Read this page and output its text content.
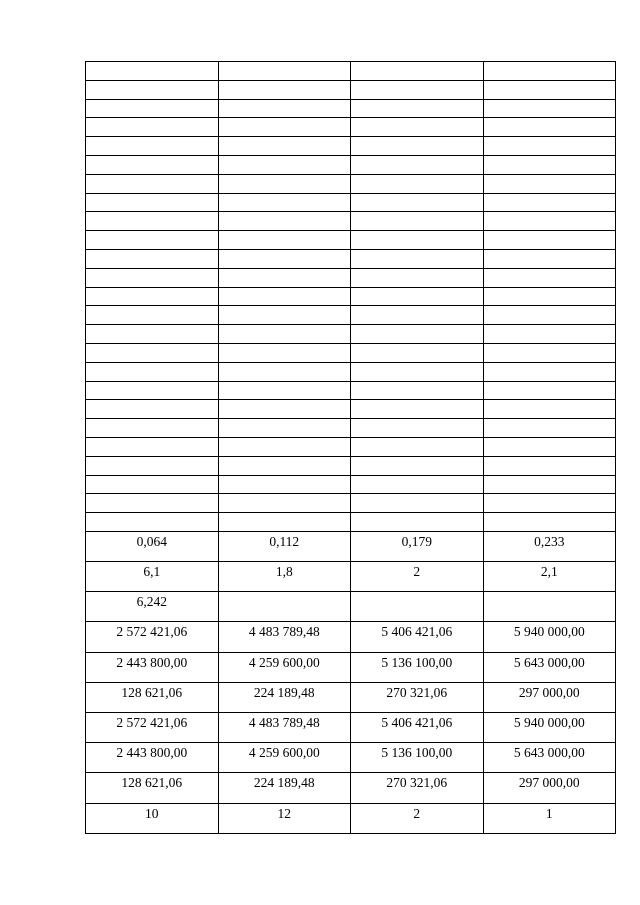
0,064	0,112	0,179	0,233
6,1	1,8	2	2,1
6,242			
2 572 421,06	4 483 789,48	5 406 421,06	5 940 000,00
2 443 800,00	4 259 600,00	5 136 100,00	5 643 000,00
128 621,06	224 189,48	270 321,06	297 000,00
2 572 421,06	4 483 789,48	5 406 421,06	5 940 000,00
2 443 800,00	4 259 600,00	5 136 100,00	5 643 000,00
128 621,06	224 189,48	270 321,06	297 000,00
10	12	2	1
